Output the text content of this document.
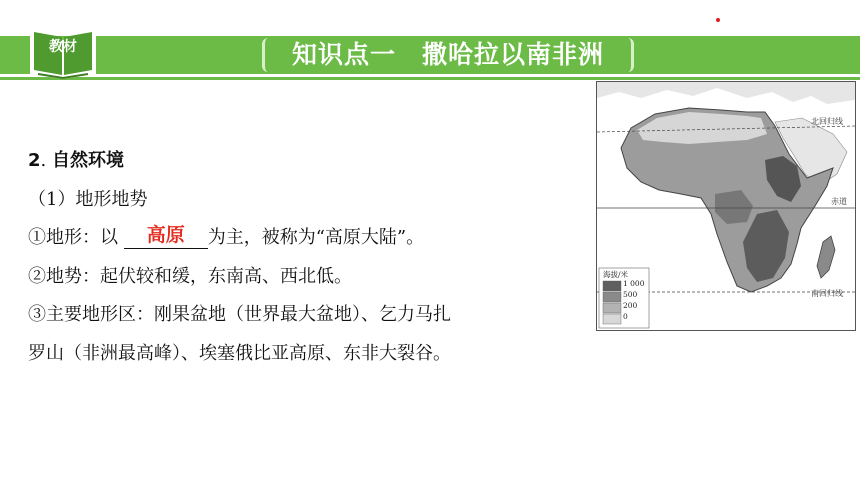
教材	知识点一　撒哈拉以南非洲
2. 自然环境
（1）地形地势
①地形：以 高原 为主，被称为“高原大陆”。
②地势：起伏较和缓，东南高、西北低。
③主要地形区：刚果盆地（世界最大盆地）、乞力马扎
罗山（非洲最高峰）、埃塞俄比亚高原、东非大裂谷。
北回归线
赤道
南回归线
海拔/米
1 000
500
200
0
